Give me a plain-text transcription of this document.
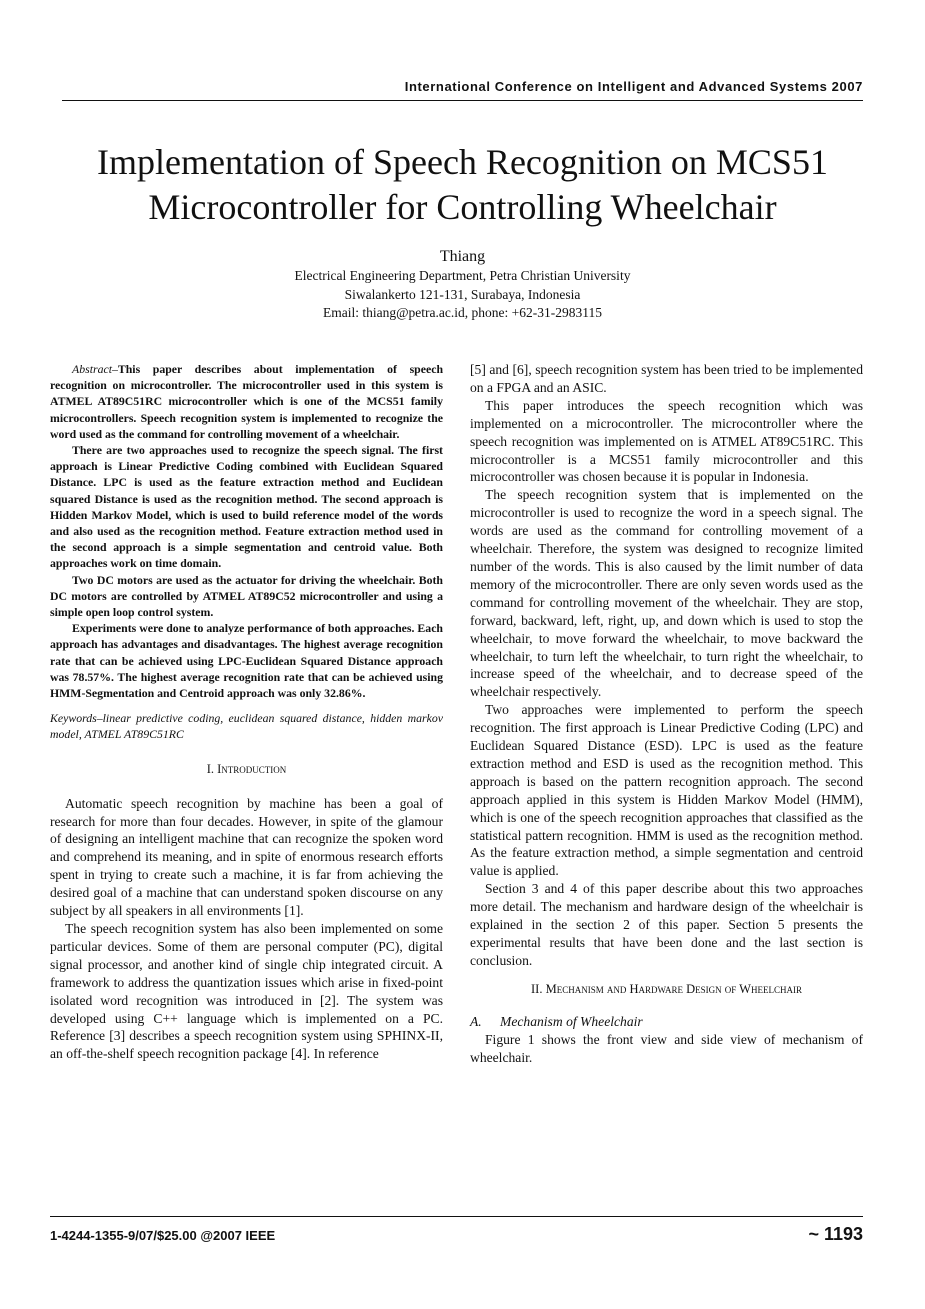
International Conference on Intelligent and Advanced Systems 2007
Implementation of Speech Recognition on MCS51
Microcontroller for Controlling Wheelchair
Thiang
Electrical Engineering Department, Petra Christian University
Siwalankerto 121-131, Surabaya, Indonesia
Email: thiang@petra.ac.id, phone: +62-31-2983115

Abstract–This paper describes about implementation of speech recognition on microcontroller. The microcontroller used in this system is ATMEL AT89C51RC microcontroller which is one of the MCS51 family microcontrollers. Speech recognition system is implemented to recognize the word used as the command for controlling movement of a wheelchair.

There are two approaches used to recognize the speech signal. The first approach is Linear Predictive Coding combined with Euclidean Squared Distance. LPC is used as the feature extraction method and Euclidean squared Distance is used as the recognition method. The second approach is Hidden Markov Model, which is used to build reference model of the words and also used as the recognition method. Feature extraction method used in the second approach is a simple segmentation and centroid value. Both approaches work on time domain.

Two DC motors are used as the actuator for driving the wheelchair. Both DC motors are controlled by ATMEL AT89C52 microcontroller and using a simple open loop control system.

Experiments were done to analyze performance of both approaches. Each approach has advantages and disadvantages. The highest average recognition rate that can be achieved using LPC-Euclidean Squared Distance approach was 78.57%. The highest average recognition rate that can be achieved using HMM-Segmentation and Centroid approach was only 32.86%.

Keywords–linear predictive coding, euclidean squared distance, hidden markov model, ATMEL AT89C51RC

I. Introduction

Automatic speech recognition by machine has been a goal of research for more than four decades. However, in spite of the glamour of designing an intelligent machine that can recognize the spoken word and comprehend its meaning, and in spite of enormous research efforts spent in trying to create such a machine, it is far from achieving the desired goal of a machine that can understand spoken discourse on any subject by all speakers in all environments [1].

The speech recognition system has also been implemented on some particular devices. Some of them are personal computer (PC), digital signal processor, and another kind of single chip integrated circuit. A framework to address the quantization issues which arise in fixed-point isolated word recognition was introduced in [2]. The system was developed using C++ language which is implemented on a PC. Reference [3] describes a speech recognition system using SPHINX-II, an off-the-shelf speech recognition package [4]. In reference

[5] and [6], speech recognition system has been tried to be implemented on a FPGA and an ASIC.

This paper introduces the speech recognition which was implemented on a microcontroller. The microcontroller where the speech recognition was implemented on is ATMEL AT89C51RC. This microcontroller is a MCS51 family microcontroller and this microcontroller was chosen because it is popular in Indonesia.

The speech recognition system that is implemented on the microcontroller is used to recognize the word in a speech signal. The words are used as the command for controlling movement of a wheelchair. Therefore, the system was designed to recognize limited number of the words. This is also caused by the limit number of data memory of the microcontroller. There are only seven words used as the command for controlling movement of the wheelchair. They are stop, forward, backward, left, right, up, and down which is used to stop the wheelchair, to move forward the wheelchair, to move backward the wheelchair, to turn left the wheelchair, to turn right the wheelchair, to increase speed of the wheelchair, and to decrease speed of the wheelchair respectively.

Two approaches were implemented to perform the speech recognition. The first approach is Linear Predictive Coding (LPC) and Euclidean Squared Distance (ESD). LPC is used as the feature extraction method and ESD is used as the recognition method. This approach is based on the pattern recognition approach. The second approach applied in this system is Hidden Markov Model (HMM), which is one of the speech recognition approaches that classified as the statistical pattern recognition. HMM is used as the recognition method. As the feature extraction method, a simple segmentation and centroid value is applied.

Section 3 and 4 of this paper describe about this two approaches more detail. The mechanism and hardware design of the wheelchair is explained in the section 2 of this paper. Section 5 presents the experimental results that have been done and the last section is conclusion.

II. Mechanism and Hardware Design of Wheelchair

A. Mechanism of Wheelchair

Figure 1 shows the front view and side view of mechanism of wheelchair.

1-4244-1355-9/07/$25.00 @2007 IEEE	~ 1193
